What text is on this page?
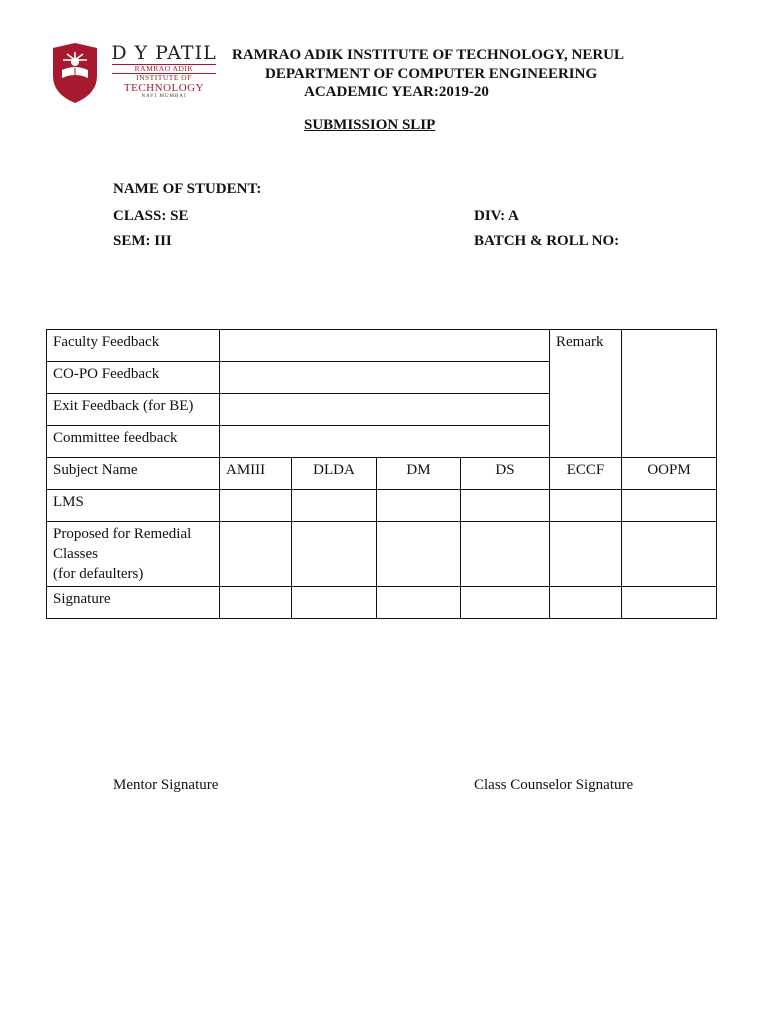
D Y PATIL
RAMRAO ADIK
INSTITUTE OF
TECHNOLOGY
NAVI MUMBAI
RAMRAO ADIK INSTITUTE OF TECHNOLOGY, NERUL
DEPARTMENT OF COMPUTER ENGINEERING
ACADEMIC YEAR:2019-20
SUBMISSION SLIP
NAME OF STUDENT:
CLASS: SE	DIV: A
SEM: III	BATCH & ROLL NO:
Faculty Feedback					Remark	
CO-PO Feedback						
Exit Feedback (for BE)						
Committee feedback						
Subject Name	AMIII	DLDA	DM	DS	ECCF	OOPM
LMS						
Proposed for Remedial
Classes
(for defaulters)						
Signature						
Mentor Signature	Class Counselor Signature
